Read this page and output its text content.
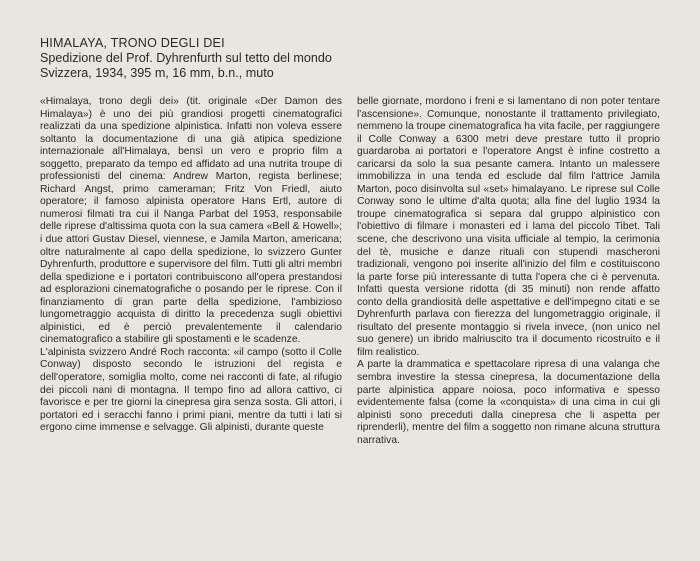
HIMALAYA, TRONO DEGLI DEI
Spedizione del Prof. Dyhrenfurth sul tetto del mondo
Svizzera, 1934, 395 m, 16 mm, b.n., muto

«Himalaya, trono degli dei» (tit. originale «Der Damon des Himalaya») è uno dei più grandiosi progetti cinematografici realizzati da una spedizione alpinistica. Infatti non voleva essere soltanto la documentazione di una già atipica spedizione internazionale all'Himalaya, bensì un vero e proprio film a soggetto, preparato da tempo ed affidato ad una nutrita troupe di professionisti del cinema: Andrew Marton, regista berlinese; Richard Angst, primo cameraman; Fritz Von Friedl, aiuto operatore; il famoso alpinista operatore Hans Ertl, autore di numerosi filmati tra cui il Nanga Parbat del 1953, responsabile delle riprese d'altissima quota con la sua camera «Bell & Howell»; i due attori Gustav Diesel, viennese, e Jamila Marton, americana; oltre naturalmente al capo della spedizione, lo svizzero Gunter Dyhrenfurth, produttore e supervisore del film. Tutti gli altri membri della spedizione e i portatori contribuiscono all'opera prestandosi ad esplorazioni cinematografiche o posando per le riprese. Con il finanziamento di gran parte della spedizione, l'ambizioso lungometraggio acquista di diritto la precedenza sugli obiettivi alpinistici, ed è perciò prevalentemente il calendario cinematografico a stabilire gli spostamenti e le scadenze.

L'alpinista svizzero André Roch racconta: «il campo (sotto il Colle Conway) disposto secondo le istruzioni del regista e dell'operatore, somiglia molto, come nei racconti di fate, al rifugio dei piccoli nani di montagna. Il tempo fino ad allora cattivo, ci favorisce e per tre giorni la cinepresa gira senza sosta. Gli attori, i portatori ed i seracchi fanno i primi piani, mentre da tutti i lati si ergono cime immense e selvagge. Gli alpinisti, durante queste

belle giornate, mordono i freni e si lamentano di non poter tentare l'ascensione». Comunque, nonostante il trattamento privilegiato, nemmeno la troupe cinematografica ha vita facile, per raggiungere il Colle Conway a 6300 metri deve prestare tutto il proprio guardaroba ai portatori e l'operatore Angst è infine costretto a caricarsi da solo la sua pesante camera. Intanto un malessere immobilizza in una tenda ed esclude dal film l'attrice Jamila Marton, poco disinvolta sul «set» himalayano. Le riprese sul Colle Conway sono le ultime d'alta quota; alla fine del luglio 1934 la troupe cinematografica si separa dal gruppo alpinistico con l'obiettivo di filmare i monasteri ed i lama del piccolo Tibet. Tali scene, che descrivono una visita ufficiale al tempio, la cerimonia del tè, musiche e danze rituali con stupendi mascheroni tradizionali, vengono poi inserite all'inizio del film e costituiscono la parte forse più interessante di tutta l'opera che ci è pervenuta. Infatti questa versione ridotta (di 35 minuti) non rende affatto conto della grandiosità delle aspettative e dell'impegno citati e se Dyhrenfurth parlava con fierezza del lungometraggio originale, il risultato del presente montaggio si rivela invece, (non unico nel suo genere) un ibrido malriuscito tra il documento ricostruito e il film realistico.

A parte la drammatica e spettacolare ripresa di una valanga che sembra investire la stessa cinepresa, la documentazione della parte alpinistica appare noiosa, poco informativa e spesso evidentemente falsa (come la «conquista» di una cima in cui gli alpinisti sono preceduti dalla cinepresa che li aspetta per riprenderli), mentre del film a soggetto non rimane alcuna struttura narrativa.
